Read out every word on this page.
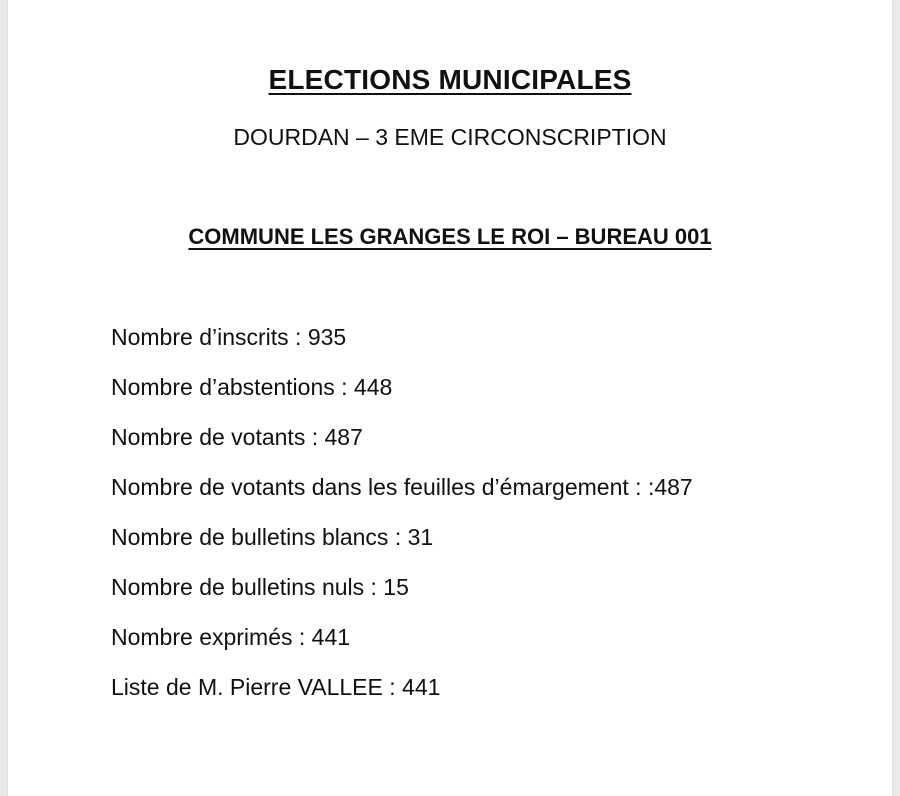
ELECTIONS MUNICIPALES
DOURDAN – 3 EME CIRCONSCRIPTION
COMMUNE LES GRANGES LE ROI – BUREAU 001
Nombre d’inscrits : 935
Nombre d’abstentions : 448
Nombre de votants : 487
Nombre de votants dans les feuilles d’émargement : :487
Nombre de bulletins blancs : 31
Nombre de bulletins nuls : 15
Nombre exprimés : 441
Liste de M. Pierre VALLEE : 441
